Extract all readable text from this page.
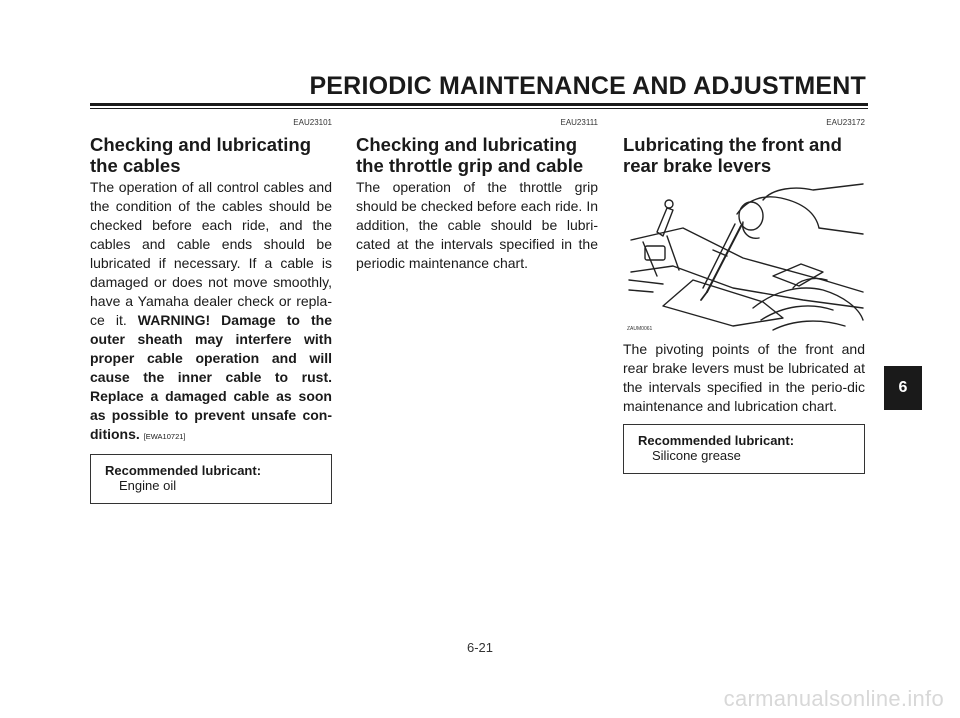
PERIODIC MAINTENANCE AND ADJUSTMENT
EAU23101
Checking and lubricating the cables

The operation of all control cables and the condition of the cables should be checked before each ride, and the cables and cable ends should be lubricated if necessary. If a cable is damaged or does not move smoothly, have a Yamaha dealer check or repla-ce it. WARNING! Damage to the outer sheath may interfere with proper cable operation and will cause the inner cable to rust. Replace a damaged cable as soon as possible to prevent unsafe con-ditions. [EWA10721]

Recommended lubricant:
Engine oil
EAU23111
Checking and lubricating the throttle grip and cable

The operation of the throttle grip should be checked before each ride. In addition, the cable should be lubri-cated at the intervals specified in the periodic maintenance chart.

EAU23172
Lubricating the front and rear brake levers
ZAUM0061

The pivoting points of the front and rear brake levers must be lubricated at the intervals specified in the perio-dic maintenance and lubrication chart.

Recommended lubricant:
Silicone grease
6
6-21
carmanualsonline.info
